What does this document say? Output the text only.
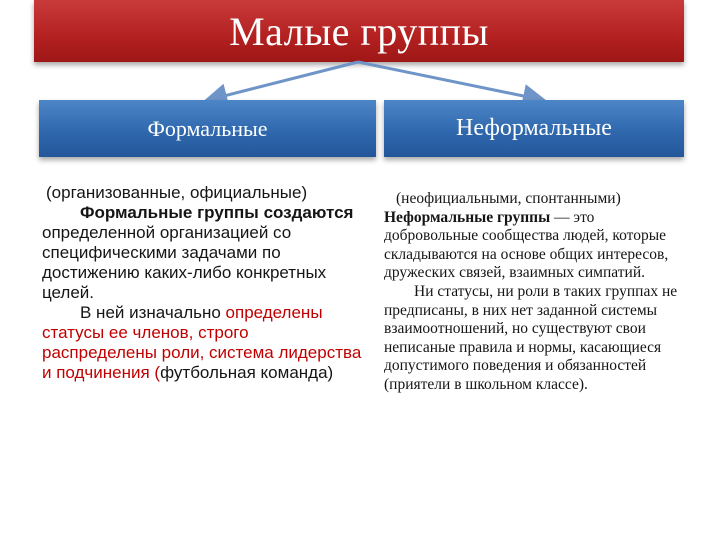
Малые группы
Формальные	Неформальные

(организованные, официальные)

Формальные группы создаются определенной организацией со специфическими задачами по достижению каких-либо конкретных целей.

В ней изначально определены статусы ее членов, строго распределены роли, система лидерства и подчинения (футбольная команда)

(неофициальными, спонтанными)

Неформальные группы — это добровольные сообщества людей, которые складываются на основе общих интересов, дружеских связей, взаимных симпатий.

Ни статусы, ни роли в таких группах не предписаны, в них нет заданной системы взаимоотношений, но существуют свои неписаные правила и нормы, касающиеся допустимого поведения и обязанностей (приятели в школьном классе).
